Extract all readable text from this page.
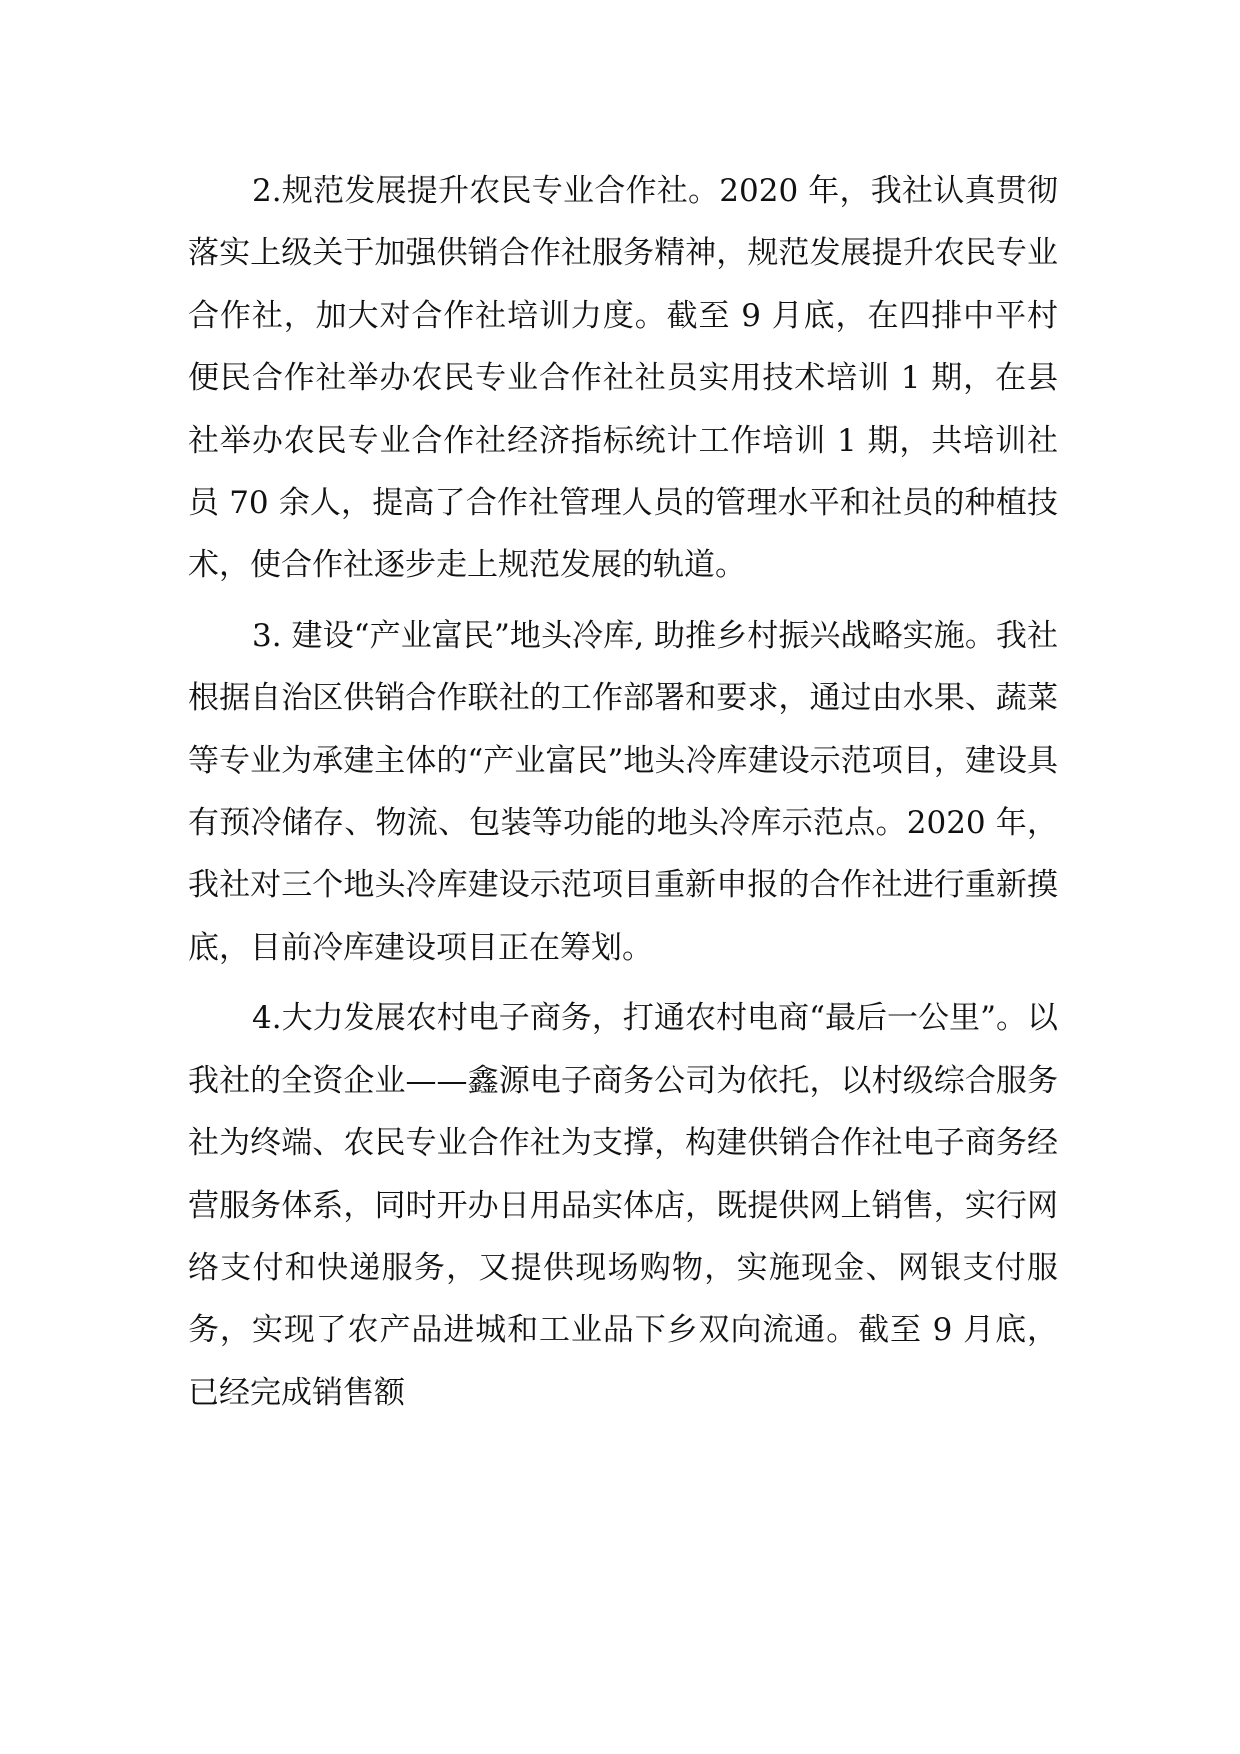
2.规范发展提升农民专业合作社。2020 年，我社认真贯彻落实上级关于加强供销合作社服务精神，规范发展提升农民专业合作社，加大对合作社培训力度。截至 9 月底，在四排中平村便民合作社举办农民专业合作社社员实用技术培训 1 期，在县社举办农民专业合作社经济指标统计工作培训 1 期，共培训社员 70 余人，提高了合作社管理人员的管理水平和社员的种植技术，使合作社逐步走上规范发展的轨道。

3. 建设“产业富民”地头冷库, 助推乡村振兴战略实施。我社根据自治区供销合作联社的工作部署和要求，通过由水果、蔬菜等专业为承建主体的“产业富民”地头冷库建设示范项目，建设具有预冷储存、物流、包装等功能的地头冷库示范点。2020 年，我社对三个地头冷库建设示范项目重新申报的合作社进行重新摸底，目前冷库建设项目正在筹划。

4.大力发展农村电子商务，打通农村电商“最后一公里”。以我社的全资企业——鑫源电子商务公司为依托，以村级综合服务社为终端、农民专业合作社为支撑，构建供销合作社电子商务经营服务体系，同时开办日用品实体店，既提供网上销售，实行网络支付和快递服务，又提供现场购物，实施现金、网银支付服务，实现了农产品进城和工业品下乡双向流通。截至 9 月底，已经完成销售额
